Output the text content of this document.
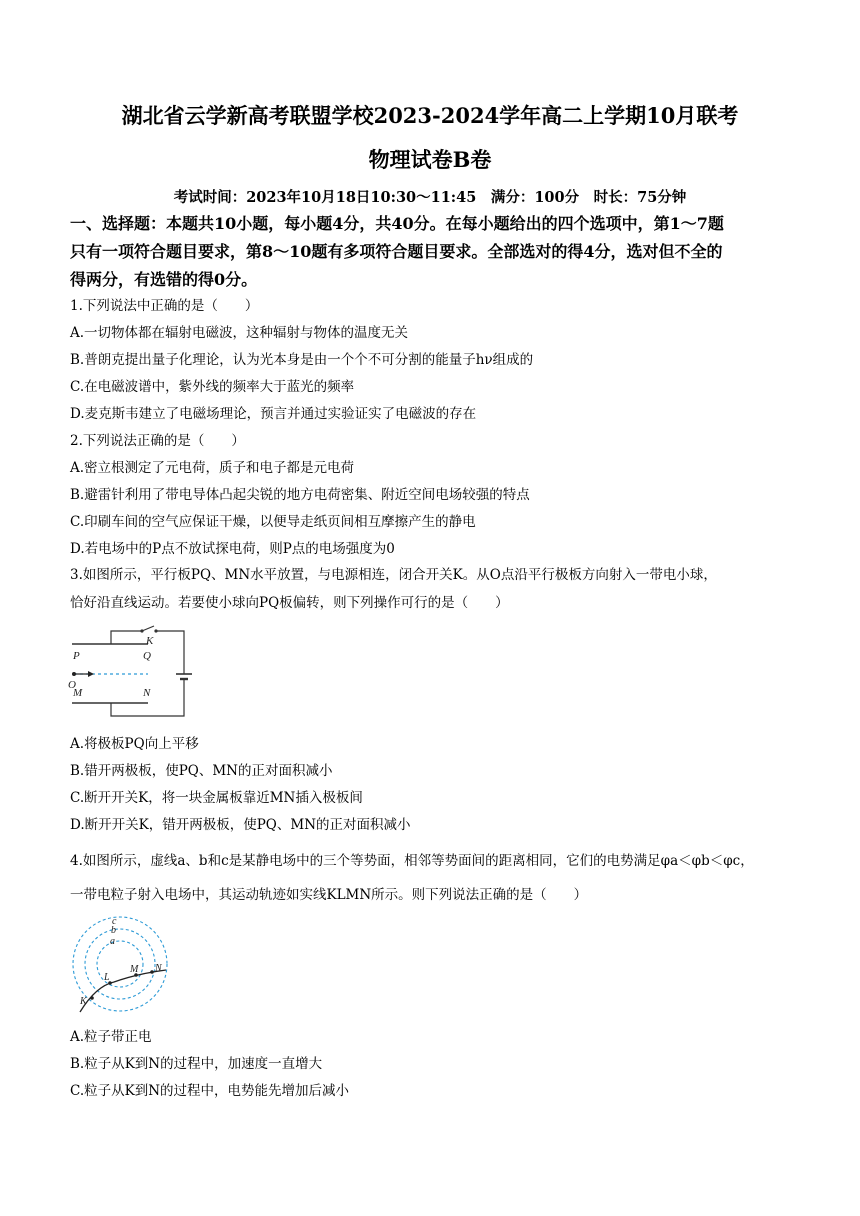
湖北省云学新高考联盟学校2023-2024学年高二上学期10月联考
物理试卷B卷
考试时间：2023年10月18日10:30～11:45　满分：100分　时长：75分钟
一、选择题：本题共10小题，每小题4分，共40分。在每小题给出的四个选项中，第1～7题
只有一项符合题目要求，第8～10题有多项符合题目要求。全部选对的得4分，选对但不全的
得两分，有选错的得0分。
1.下列说法中正确的是（　　）
A.一切物体都在辐射电磁波，这种辐射与物体的温度无关
B.普朗克提出量子化理论，认为光本身是由一个个不可分割的能量子hν组成的
C.在电磁波谱中，紫外线的频率大于蓝光的频率
D.麦克斯韦建立了电磁场理论，预言并通过实验证实了电磁波的存在
2.下列说法正确的是（　　）
A.密立根测定了元电荷，质子和电子都是元电荷
B.避雷针利用了带电导体凸起尖锐的地方电荷密集、附近空间电场较强的特点
C.印刷车间的空气应保证干燥，以便导走纸页间相互摩擦产生的静电
D.若电场中的P点不放试探电荷，则P点的电场强度为0
3.如图所示，平行板PQ、MN水平放置，与电源相连，闭合开关K。从O点沿平行极板方向射入一带电小球，
恰好沿直线运动。若要使小球向PQ板偏转，则下列操作可行的是（　　）
K
P	Q
O
M	N
A.将极板PQ向上平移
B.错开两极板，使PQ、MN的正对面积减小
C.断开开关K，将一块金属板靠近MN插入极板间
D.断开开关K，错开两极板，使PQ、MN的正对面积减小
4.如图所示，虚线a、b和c是某静电场中的三个等势面，相邻等势面间的距离相同，它们的电势满足φa＜φb＜φc，
一带电粒子射入电场中，其运动轨迹如实线KLMN所示。则下列说法正确的是（　　）
c
b
a
K
L
M N
A.粒子带正电
B.粒子从K到N的过程中，加速度一直增大
C.粒子从K到N的过程中，电势能先增加后减小
